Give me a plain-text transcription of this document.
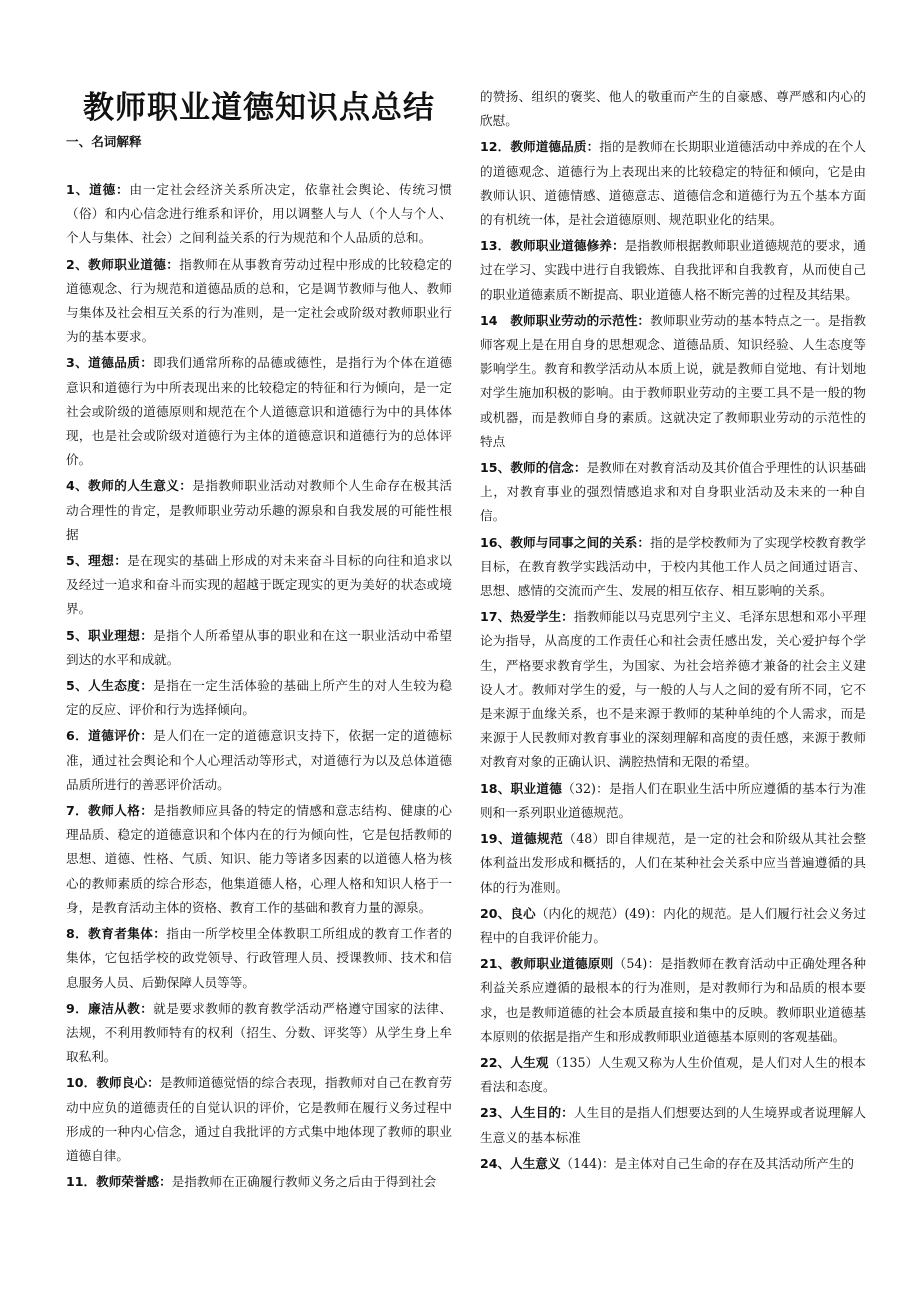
教师职业道德知识点总结
一、名词解释
1、道德：由一定社会经济关系所决定，依靠社会舆论、传统习惯（俗）和内心信念进行维系和评价，用以调整人与人（个人与个人、个人与集体、社会）之间利益关系的行为规范和个人品质的总和。
2、教师职业道德：指教师在从事教育劳动过程中形成的比较稳定的道德观念、行为规范和道德品质的总和，它是调节教师与他人、教师与集体及社会相互关系的行为准则，是一定社会或阶级对教师职业行为的基本要求。
3、道德品质：即我们通常所称的品德或德性，是指行为个体在道德意识和道德行为中所表现出来的比较稳定的特征和行为倾向，是一定社会或阶级的道德原则和规范在个人道德意识和道德行为中的具体体现，也是社会或阶级对道德行为主体的道德意识和道德行为的总体评价。
4、教师的人生意义：是指教师职业活动对教师个人生命存在极其活动合理性的肯定，是教师职业劳动乐趣的源泉和自我发展的可能性根据
5、理想：是在现实的基础上形成的对未来奋斗目标的向往和追求以及经过一追求和奋斗而实现的超越于既定现实的更为美好的状态或境界。
5、职业理想：是指个人所希望从事的职业和在这一职业活动中希望到达的水平和成就。
5、人生态度：是指在一定生活体验的基础上所产生的对人生较为稳定的反应、评价和行为选择倾向。
6．道德评价：是人们在一定的道德意识支持下，依据一定的道德标准，通过社会舆论和个人心理活动等形式，对道德行为以及总体道德品质所进行的善恶评价活动。
7．教师人格：是指教师应具备的特定的情感和意志结构、健康的心理品质、稳定的道德意识和个体内在的行为倾向性，它是包括教师的思想、道德、性格、气质、知识、能力等诸多因素的以道德人格为核心的教师素质的综合形态，他集道德人格，心理人格和知识人格于一身，是教育活动主体的资格、教育工作的基础和教育力量的源泉。
8．教育者集体：指由一所学校里全体教职工所组成的教育工作者的集体，它包括学校的政党领导、行政管理人员、授课教师、技术和信息服务人员、后勤保障人员等等。
9．廉洁从教：就是要求教师的教育教学活动严格遵守国家的法律、法规，不利用教师特有的权利（招生、分数、评奖等）从学生身上牟取私利。
10．教师良心：是教师道德觉悟的综合表现，指教师对自己在教育劳动中应负的道德责任的自觉认识的评价，它是教师在履行义务过程中形成的一种内心信念，通过自我批评的方式集中地体现了教师的职业道德自律。
11．教师荣誉感：是指教师在正确履行教师义务之后由于得到社会
的赞扬、组织的褒奖、他人的敬重而产生的自豪感、尊严感和内心的欣慰。
12．教师道德品质：指的是教师在长期职业道德活动中养成的在个人的道德观念、道德行为上表现出来的比较稳定的特征和倾向，它是由教师认识、道德情感、道德意志、道德信念和道德行为五个基本方面的有机统一体，是社会道德原则、规范职业化的结果。
13．教师职业道德修养：是指教师根据教师职业道德规范的要求，通过在学习、实践中进行自我锻炼、自我批评和自我教育，从而使自己的职业道德素质不断提高、职业道德人格不断完善的过程及其结果。
14　教师职业劳动的示范性：教师职业劳动的基本特点之一。是指教师客观上是在用自身的思想观念、道德品质、知识经验、人生态度等影响学生。教育和教学活动从本质上说，就是教师自觉地、有计划地对学生施加积极的影响。由于教师职业劳动的主要工具不是一般的物或机器，而是教师自身的素质。这就决定了教师职业劳动的示范性的特点
15、教师的信念：是教师在对教育活动及其价值合乎理性的认识基础上，对教育事业的强烈情感追求和对自身职业活动及未来的一种自信。
16、教师与同事之间的关系：指的是学校教师为了实现学校教育教学目标，在教育教学实践活动中，于校内其他工作人员之间通过语言、思想、感情的交流而产生、发展的相互依存、相互影响的关系。
17、热爱学生：指教师能以马克思列宁主义、毛泽东思想和邓小平理论为指导，从高度的工作责任心和社会责任感出发，关心爱护每个学生，严格要求教育学生，为国家、为社会培养德才兼备的社会主义建设人才。教师对学生的爱，与一般的人与人之间的爱有所不同，它不是来源于血缘关系，也不是来源于教师的某种单纯的个人需求，而是来源于人民教师对教育事业的深刻理解和高度的责任感，来源于教师对教育对象的正确认识、满腔热情和无限的希望。
18、职业道德（32)：是指人们在职业生活中所应遵循的基本行为准则和一系列职业道德规范。
19、道德规范（48）即自律规范，是一定的社会和阶级从其社会整体利益出发形成和概括的，人们在某种社会关系中应当普遍遵循的具体的行为准则。
20、良心（内化的规范）(49)：内化的规范。是人们履行社会义务过程中的自我评价能力。
21、教师职业道德原则（54)：是指教师在教育活动中正确处理各种利益关系应遵循的最根本的行为准则，是对教师行为和品质的根本要求，也是教师道德的社会本质最直接和集中的反映。教师职业道德基本原则的依据是指产生和形成教师职业道德基本原则的客观基础。
22、人生观（135）人生观又称为人生价值观，是人们对人生的根本看法和态度。
23、人生目的：人生目的是指人们想要达到的人生境界或者说理解人生意义的基本标准
24、人生意义（144)：是主体对自己生命的存在及其活动所产生的
